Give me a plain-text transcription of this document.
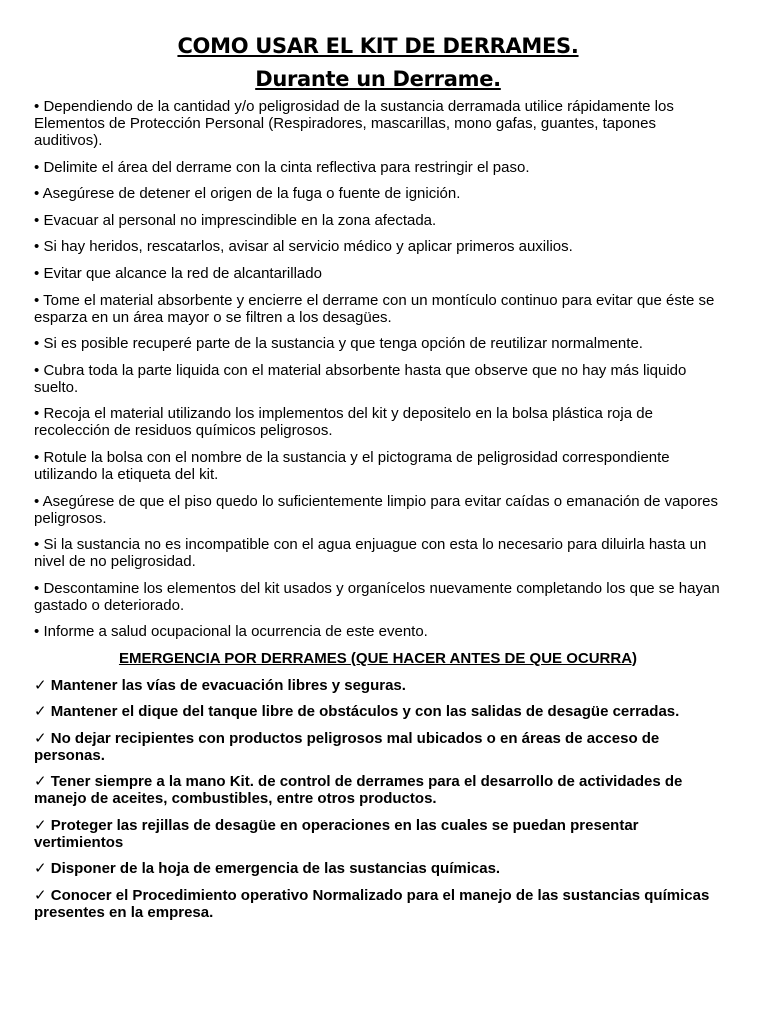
COMO USAR EL KIT DE DERRAMES.
Durante un Derrame.
• Dependiendo de la cantidad y/o peligrosidad de la sustancia derramada utilice rápidamente los Elementos de Protección Personal (Respiradores, mascarillas, mono gafas, guantes, tapones auditivos).
• Delimite el área del derrame con la cinta reflectiva para restringir el paso.
• Asegúrese de detener el origen de la fuga o fuente de ignición.
• Evacuar al personal no imprescindible en la zona afectada.
• Si hay heridos, rescatarlos, avisar al servicio médico y aplicar primeros auxilios.
• Evitar que alcance la red de alcantarillado
• Tome el material absorbente y encierre el derrame con un montículo continuo para evitar que éste se esparza en un área mayor o se filtren a los desagües.
• Si es posible recuperé parte de la sustancia y que tenga opción de reutilizar normalmente.
• Cubra toda la parte liquida con el material absorbente hasta que observe que no hay más liquido suelto.
• Recoja el material utilizando los implementos del kit y depositelo en la bolsa plástica roja de recolección de residuos químicos peligrosos.
• Rotule la bolsa con el nombre de la sustancia y el pictograma de peligrosidad correspondiente utilizando la etiqueta del kit.
• Asegúrese de que el piso quedo lo suficientemente limpio para evitar caídas o emanación de vapores peligrosos.
• Si la sustancia no es incompatible con el agua enjuague con esta lo necesario para diluirla hasta un nivel de no peligrosidad.
• Descontamine los elementos del kit usados y organícelos nuevamente completando los que se hayan gastado o deteriorado.
• Informe a salud ocupacional la ocurrencia de este evento.
EMERGENCIA POR DERRAMES (QUE HACER ANTES DE QUE OCURRA)
✓ Mantener las vías de evacuación libres y seguras.
✓ Mantener el dique del tanque libre de obstáculos y con las salidas de desagüe cerradas.
✓ No dejar recipientes con productos peligrosos mal ubicados o en áreas de acceso de personas.
✓ Tener siempre a la mano Kit. de control de derrames para el desarrollo de actividades de manejo de aceites, combustibles, entre otros productos.
✓ Proteger las rejillas de desagüe en operaciones en las cuales se puedan presentar vertimientos
✓ Disponer de la hoja de emergencia de las sustancias químicas.
✓ Conocer el Procedimiento operativo Normalizado para el manejo de las sustancias químicas presentes en la empresa.
